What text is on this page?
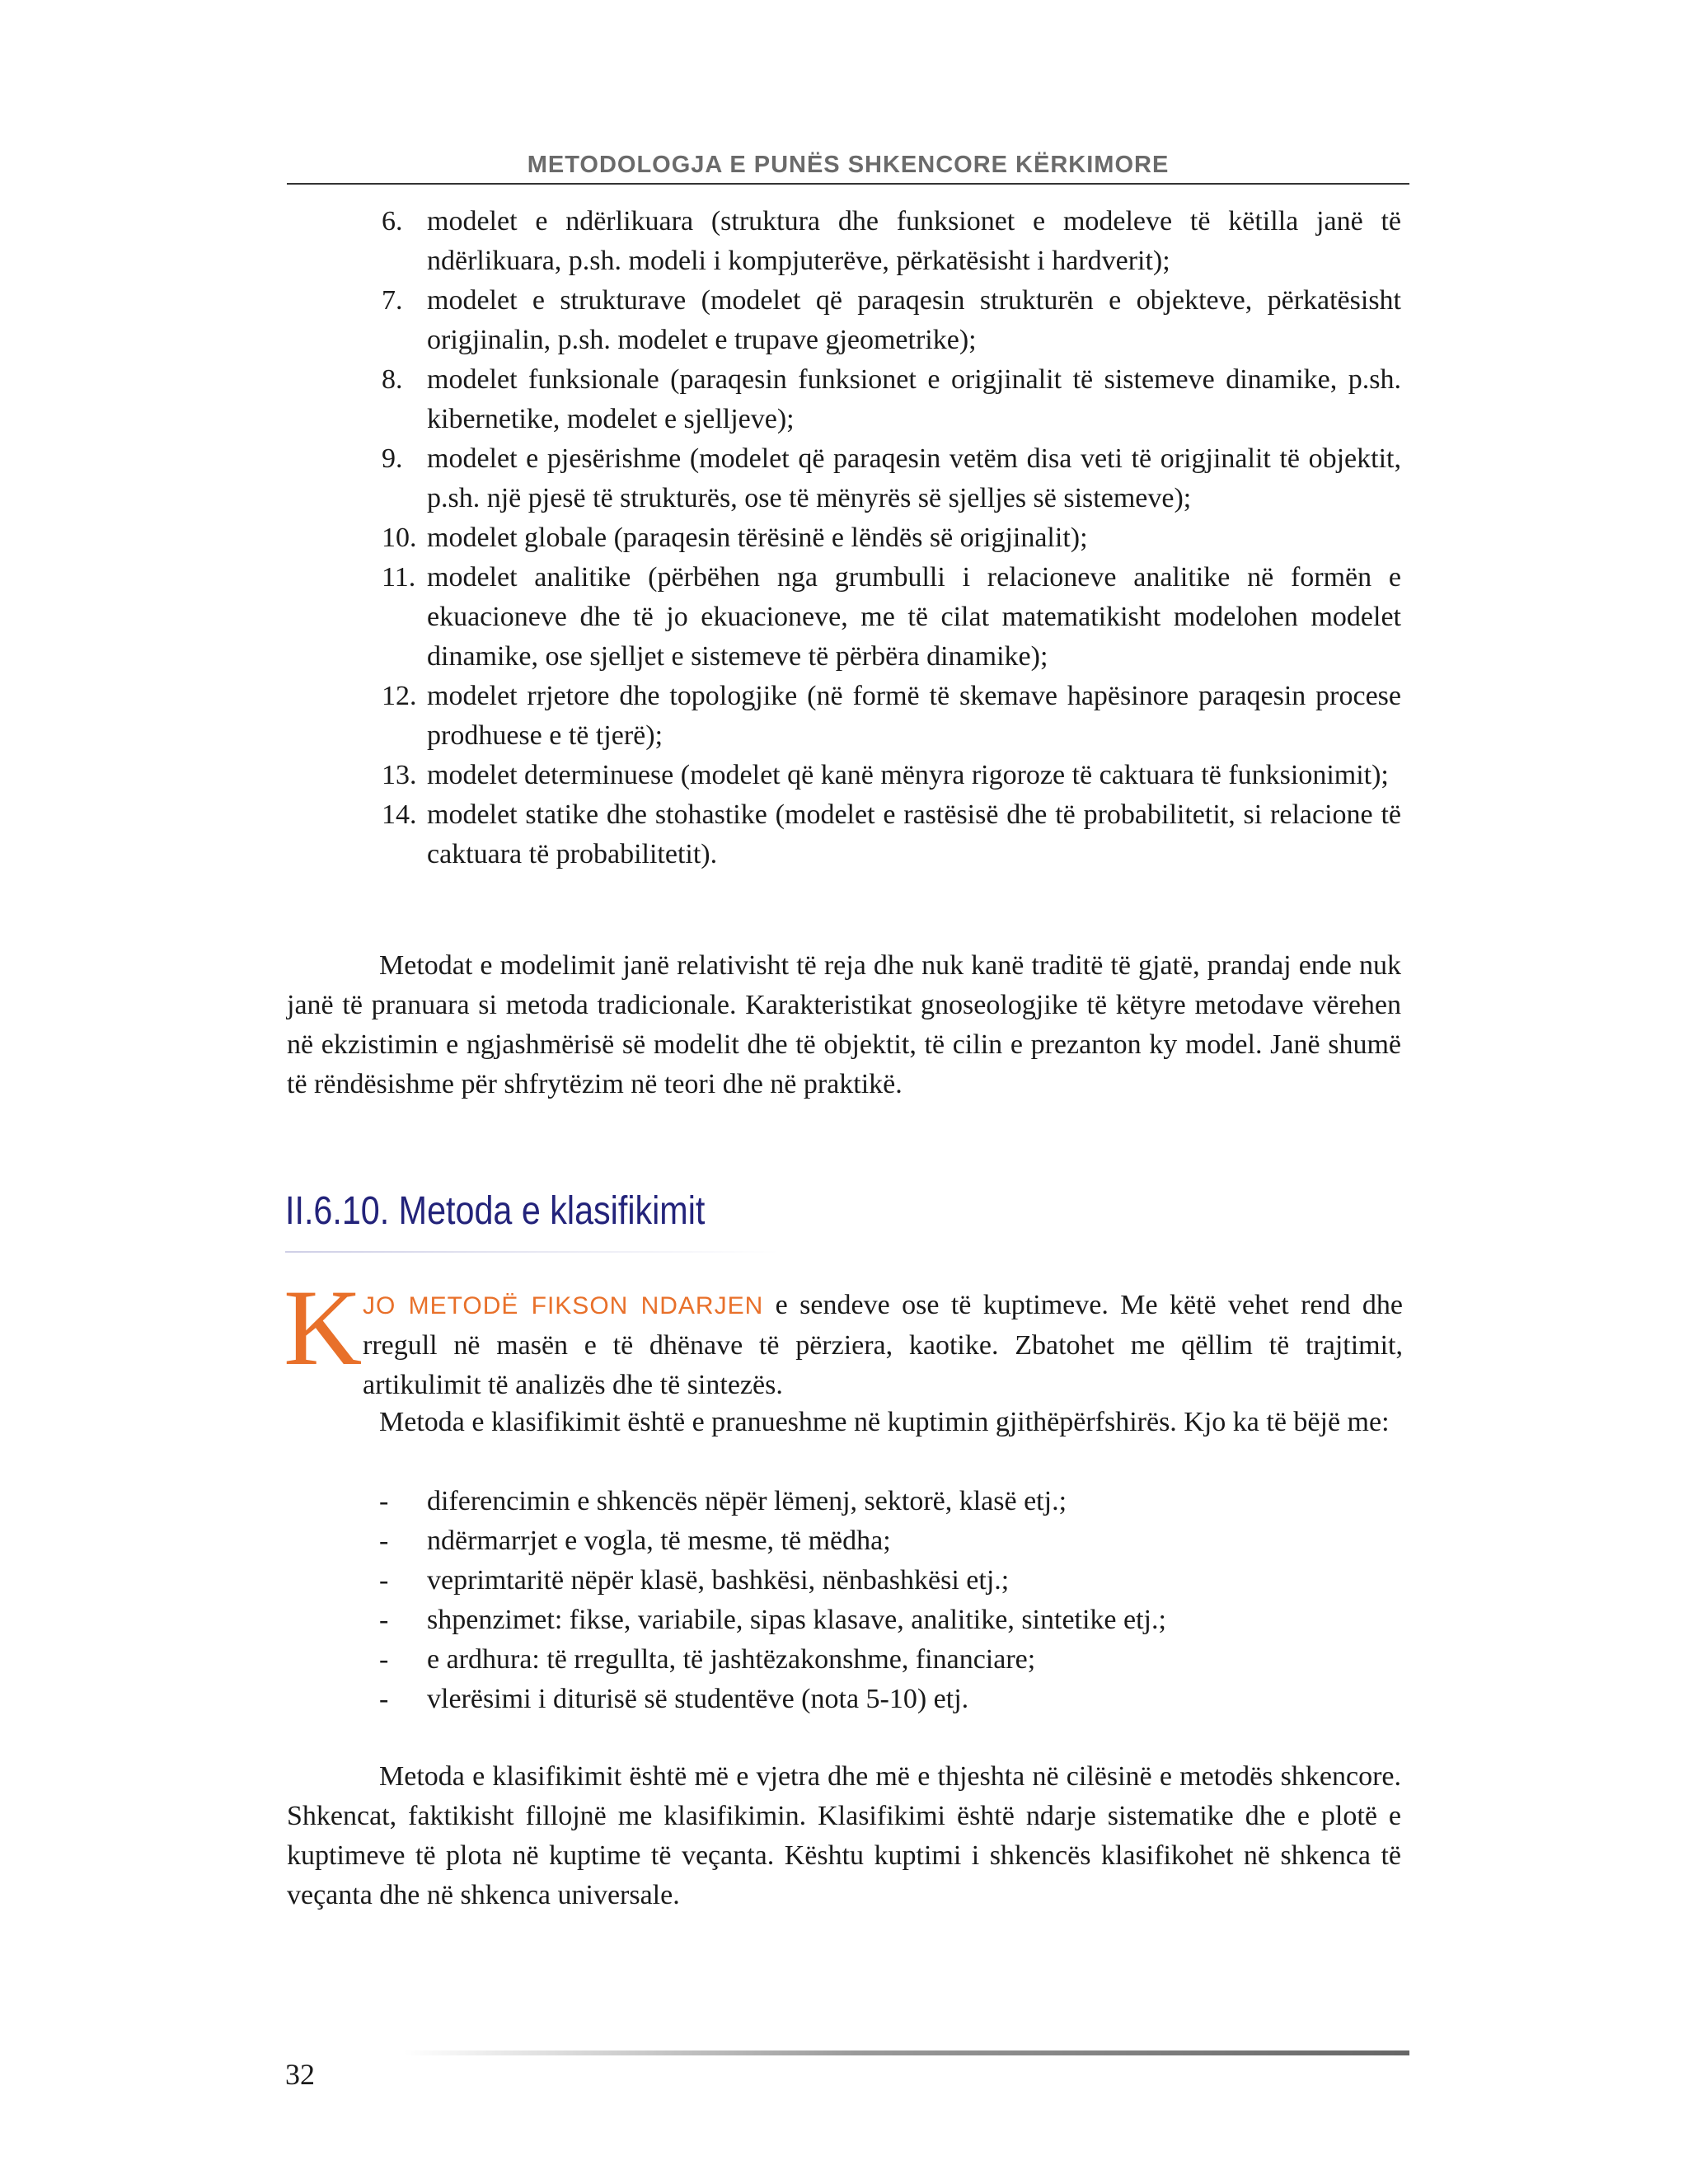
METODOLOGJA E PUNËS SHKENCORE KËRKIMORE
6. modelet e ndërlikuara (struktura dhe funksionet e modeleve të këtilla janë të ndërlikuara, p.sh. modeli i kompjuterëve, përkatësisht i hardverit);
7. modelet e strukturave (modelet që paraqesin strukturën e objekteve, përkatësisht origjinalin, p.sh. modelet e trupave gjeometrike);
8. modelet funksionale (paraqesin funksionet e origjinalit të sistemeve dinamike, p.sh. kibernetike, modelet e sjelljeve);
9. modelet e pjesërishme (modelet që paraqesin vetëm disa veti të origjinalit të objektit, p.sh. një pjesë të strukturës, ose të mënyrës së sjelljes së sistemeve);
10. modelet globale (paraqesin tërësinë e lëndës së origjinalit);
11. modelet analitike (përbëhen nga grumbulli i relacioneve analitike në formën e ekuacioneve dhe të jo ekuacioneve, me të cilat matematikisht modelohen modelet dinamike, ose sjelljet e sistemeve të përbëra dinamike);
12. modelet rrjetore dhe topologjike (në formë të skemave hapësinore paraqesin procese prodhuese e të tjerë);
13. modelet determinuese (modelet që kanë mënyra rigoroze të caktuara të funksionimit);
14. modelet statike dhe stohastike (modelet e rastësisë dhe të probabilitetit, si relacione të caktuara të probabilitetit).

Metodat e modelimit janë relativisht të reja dhe nuk kanë traditë të gjatë, prandaj ende nuk janë të pranuara si metoda tradicionale. Karakteristikat gnoseologjike të këtyre metodave vërehen në ekzistimin e ngjashmërisë së modelit dhe të objektit, të cilin e prezanton ky model. Janë shumë të rëndësishme për shfrytëzim në teori dhe në praktikë.

II.6.10. Metoda e klasifikimit
K JO METODË FIKSON NDARJEN e sendeve ose të kuptimeve. Me këtë vehet rend dhe rregull në masën e të dhënave të përziera, kaotike. Zbatohet me qëllim të trajtimit, artikulimit të analizës dhe të sintezës.

Metoda e klasifikimit është e pranueshme në kuptimin gjithëpërfshirës. Kjo ka të bëjë me:

- diferencimin e shkencës nëpër lëmenj, sektorë, klasë etj.;
- ndërmarrjet e vogla, të mesme, të mëdha;
- veprimtaritë nëpër klasë, bashkësi, nënbashkësi etj.;
- shpenzimet: fikse, variabile, sipas klasave, analitike, sintetike etj.;
- e ardhura: të rregullta, të jashtëzakonshme, financiare;
- vlerësimi i diturisë së studentëve (nota 5-10) etj.

Metoda e klasifikimit është më e vjetra dhe më e thjeshta në cilësinë e metodës shkencore. Shkencat, faktikisht fillojnë me klasifikimin. Klasifikimi është ndarje sistematike dhe e plotë e kuptimeve të plota në kuptime të veçanta. Kështu kuptimi i shkencës klasifikohet në shkenca të veçanta dhe në shkenca universale.

32
